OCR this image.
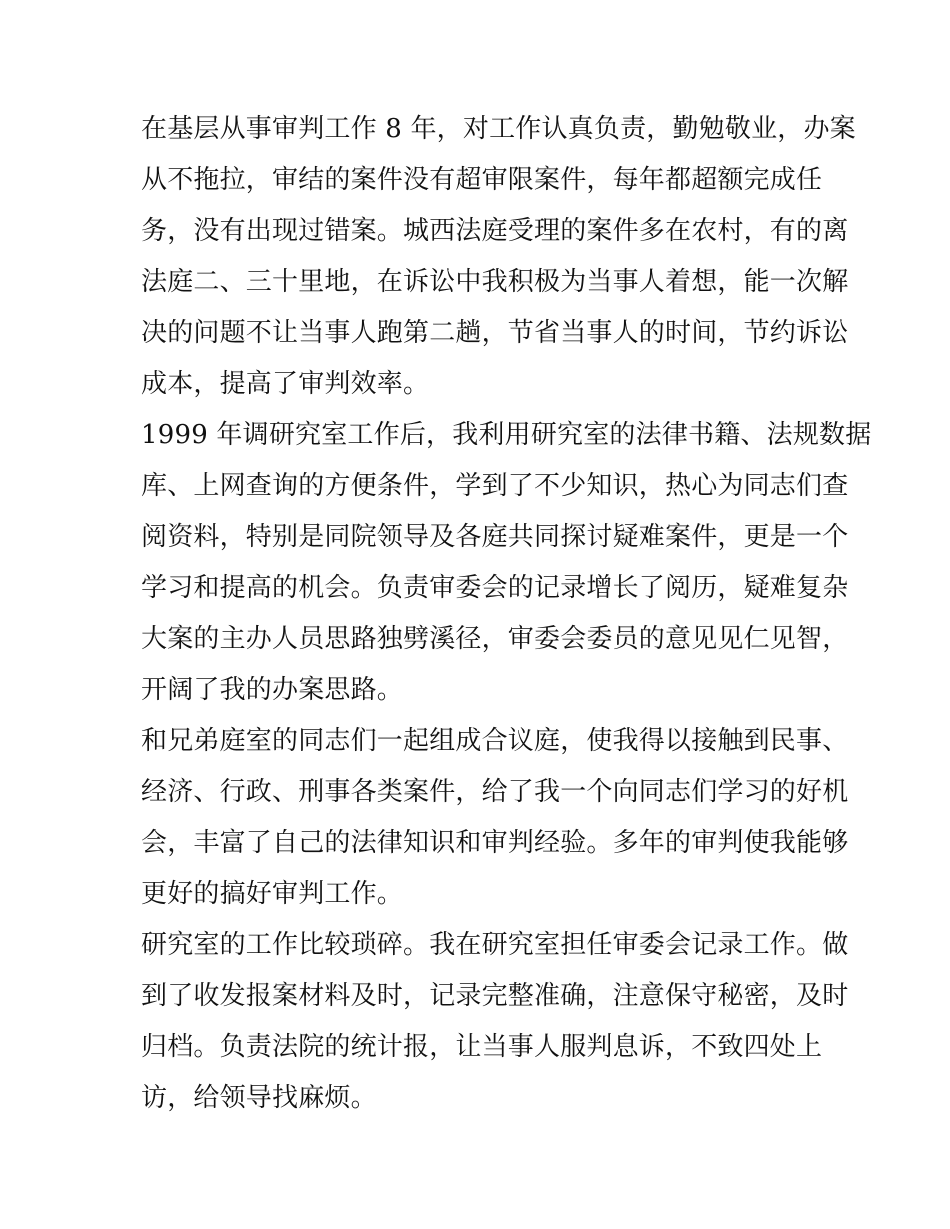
在基层从事审判工作 8 年，对工作认真负责，勤勉敬业，办案
从不拖拉，审结的案件没有超审限案件，每年都超额完成任
务，没有出现过错案。城西法庭受理的案件多在农村，有的离
法庭二、三十里地，在诉讼中我积极为当事人着想，能一次解
决的问题不让当事人跑第二趟，节省当事人的时间，节约诉讼
成本，提高了审判效率。
1999 年调研究室工作后，我利用研究室的法律书籍、法规数据
库、上网查询的方便条件，学到了不少知识，热心为同志们查
阅资料，特别是同院领导及各庭共同探讨疑难案件，更是一个
学习和提高的机会。负责审委会的记录增长了阅历，疑难复杂
大案的主办人员思路独劈溪径，审委会委员的意见见仁见智，
开阔了我的办案思路。
和兄弟庭室的同志们一起组成合议庭，使我得以接触到民事、
经济、行政、刑事各类案件，给了我一个向同志们学习的好机
会，丰富了自己的法律知识和审判经验。多年的审判使我能够
更好的搞好审判工作。
研究室的工作比较琐碎。我在研究室担任审委会记录工作。做
到了收发报案材料及时，记录完整准确，注意保守秘密，及时
归档。负责法院的统计报，让当事人服判息诉，不致四处上
访，给领导找麻烦。
